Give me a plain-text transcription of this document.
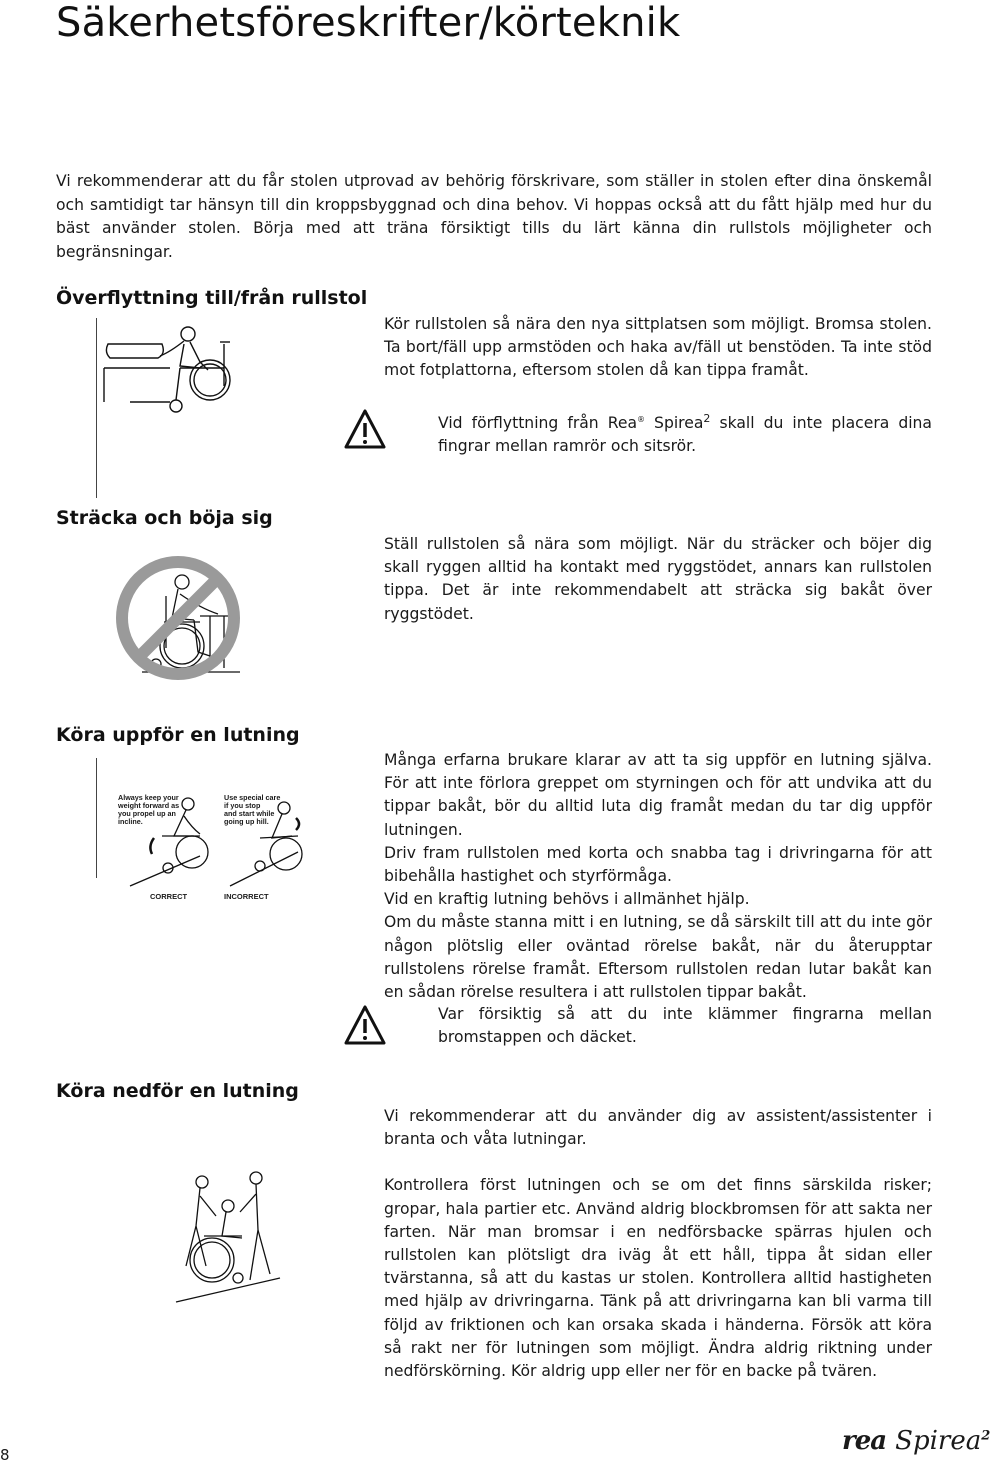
Säkerhetsföreskrifter/körteknik

Vi rekommenderar att du får stolen utprovad av behörig förskrivare, som ställer in stolen efter dina önskemål och samtidigt tar hänsyn till din kroppsbyggnad och dina behov. Vi hoppas också att du fått hjälp med hur du bäst använder stolen. Börja med att träna försiktigt tills du lärt känna din rullstols möjligheter och begränsningar.

Överflyttning till/från rullstol

Kör rullstolen så nära den nya sittplatsen som möjligt. Bromsa stolen. Ta bort/fäll upp armstöden och haka av/fäll ut benstöden. Ta inte stöd mot fotplattorna, eftersom stolen då kan tippa framåt.

Vid förflyttning från Rea® Spirea$^2$ skall du inte placera dina fingrar mellan ramrör och sitsrör.

Sträcka och böja sig

Ställ rullstolen så nära som möjligt. När du sträcker och böjer dig skall ryggen alltid ha kontakt med ryggstödet, annars kan rullstolen tippa. Det är inte rekommendabelt att sträcka sig bakåt över ryggstödet.

Köra uppför en lutning
Always keep your
weight forward as
you propel up an
incline.
Use special care
if you stop
and start while
going up hill.
CORRECT	INCORRECT

Många erfarna brukare klarar av att ta sig uppför en lutning själva. För att inte förlora greppet om styrningen och för att undvika att du tippar bakåt, bör du alltid luta dig framåt medan du tar dig uppför lutningen.

Driv fram rullstolen med korta och snabba tag i drivringarna för att bibehålla hastighet och styrförmåga.

Vid en kraftig lutning behövs i allmänhet hjälp.

Om du måste stanna mitt i en lutning, se då särskilt till att du inte gör någon plötslig eller oväntad rörelse bakåt, när du återupptar rullstolens rörelse framåt. Eftersom rullstolen redan lutar bakåt kan en sådan rörelse resultera i att rullstolen tippar bakåt.

Var försiktig så att du inte klämmer fingrarna mellan bromstappen och däcket.

Köra nedför en lutning

Vi rekommenderar att du använder dig av assistent/assistenter i branta och våta lutningar.

Kontrollera först lutningen och se om det finns särskilda risker; gropar, hala partier etc. Använd aldrig blockbromsen för att sakta ner farten. När man bromsar i en nedförsbacke spärras hjulen och rullstolen kan plötsligt dra iväg åt ett håll, tippa åt sidan eller tvärstanna, så att du kastas ur stolen. Kontrollera alltid hastigheten med hjälp av drivringarna. Tänk på att drivringarna kan bli varma till följd av friktionen och kan orsaka skada i händerna. Försök att köra så rakt ner för lutningen som möjligt. Ändra aldrig riktning under nedförskörning. Kör aldrig upp eller ner för en backe på tvären.

8	rea Spirea$^2$
